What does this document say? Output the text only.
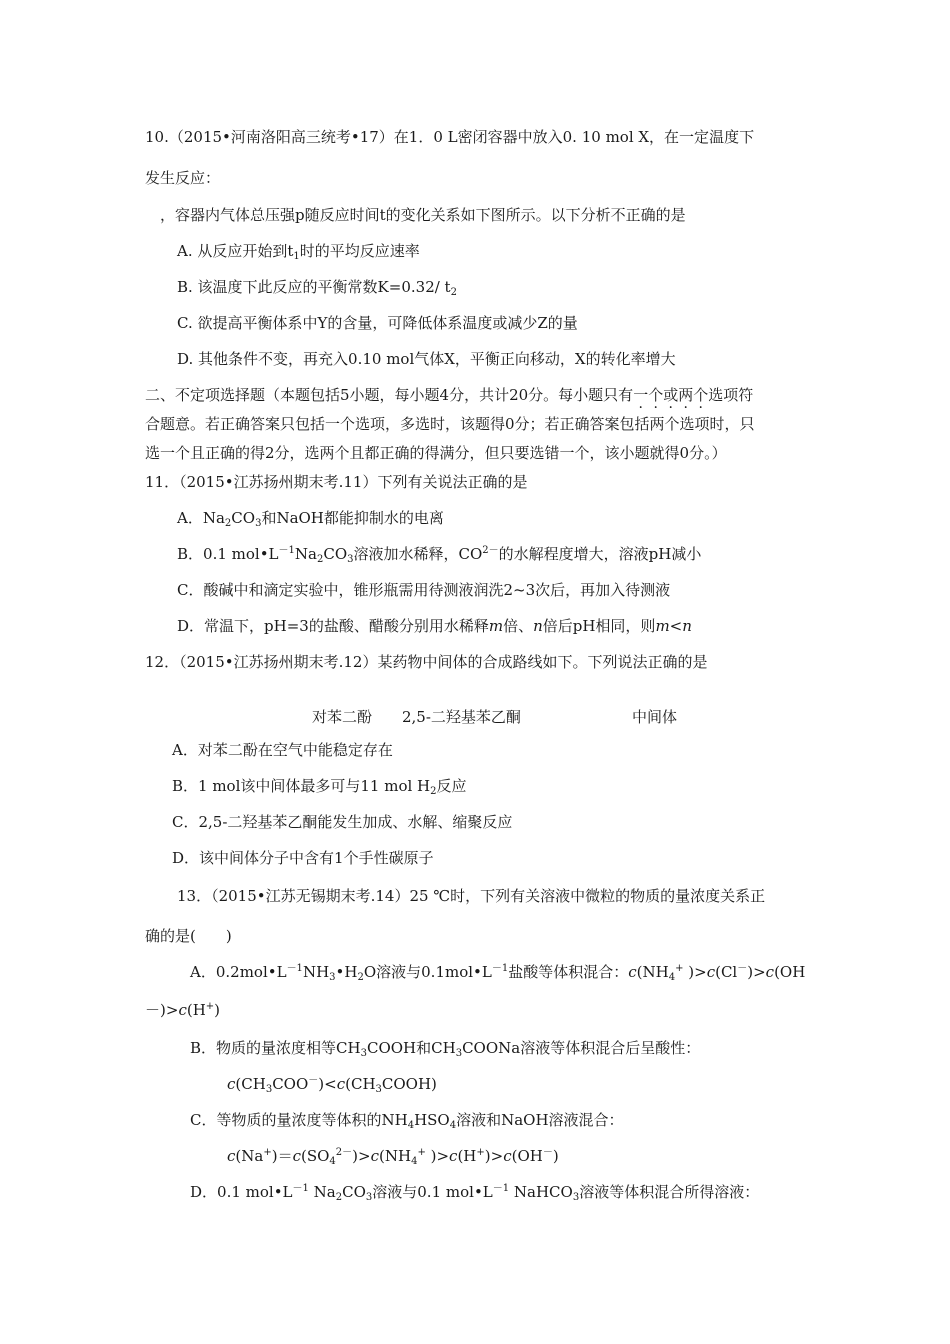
10.（2015•河南洛阳高三统考•17）在1．0 L密闭容器中放入0. 10 mol X，在一定温度下
发生反应：
，容器内气体总压强p随反应时间t的变化关系如下图所示。以下分析不正确的是
A. 从反应开始到$t_1$时的平均反应速率
B. 该温度下此反应的平衡常数K=0.32/ $t_2$
C. 欲提高平衡体系中Y的含量，可降低体系温度或减少Z的量
D. 其他条件不变，再充入0.10 mol气体X，平衡正向移动，X的转化率增大
二、不定项选择题（本题包括5小题，每小题4分，共计20分。每小题只有一个或两个选项符
合题意。若正确答案只包括一个选项，多选时，该题得0分；若正确答案包括两个选项时，只
选一个且正确的得2分，选两个且都正确的得满分，但只要选错一个，该小题就得0分。）
11．（2015•江苏扬州期末考.11）下列有关说法正确的是
A．$Na_2CO_3$和NaOH都能抑制水的电离
B．0.1 $mol•L^{-1}Na_2CO_3$溶液加水稀释，$CO^{2-}$的水解程度增大，溶液pH减小
C．酸碱中和滴定实验中，锥形瓶需用待测液润洗2~3次后，再加入待测液
D．常温下，pH=3的盐酸、醋酸分别用水稀释m倍、n倍后pH相同，则m<n
12．（2015•江苏扬州期末考.12）某药物中间体的合成路线如下。下列说法正确的是
对苯二酚 2,5-二羟基苯乙酮	中间体
A．对苯二酚在空气中能稳定存在
B．1 mol该中间体最多可与11 mol $H_2$反应
C．2,5-二羟基苯乙酮能发生加成、水解、缩聚反应
D．该中间体分子中含有1个手性碳原子
13．（2015•江苏无锡期末考.14）25 ℃时，下列有关溶液中微粒的物质的量浓度关系正
确的是(　　)
A．$0.2mol•L^{-1}NH_3•H_2O$溶液与$0.1mol•L^{-1}$盐酸等体积混合：$c(NH_4^+$ )>c(Cl－)>c(OH
－)>c(H+)
B．物质的量浓度相等$CH_3COOH$和$CH_3COONa$溶液等体积混合后呈酸性：
$c(CH_3COO^-)<c(CH_3COOH)$
C．等物质的量浓度等体积的$NH_4HSO_4$溶液和NaOH溶液混合：
$c(Na^+)=c(SO_4^{2-})>c(NH_4^+$ )>c(H+)>c(OH－)
D．0.1 $mol•L^{-1}$ $Na_2CO_3$溶液与0.1 $mol•L^{-1}$ NaHCO$_3$溶液等体积混合所得溶液：
